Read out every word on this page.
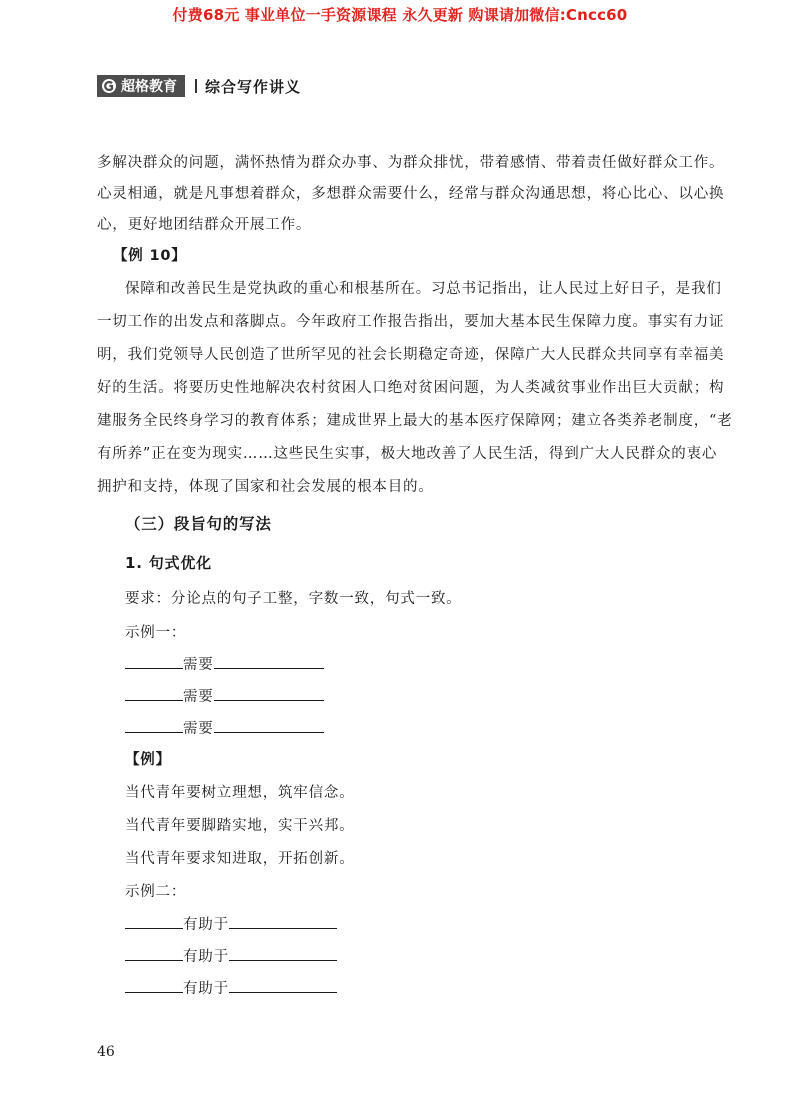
付费68元 事业单位一手资源课程 永久更新 购课请加微信:Cncc60
超格教育 综合写作讲义
多解决群众的问题，满怀热情为群众办事、为群众排忧，带着感情、带着责任做好群众工作。
心灵相通，就是凡事想着群众，多想群众需要什么，经常与群众沟通思想，将心比心、以心换
心，更好地团结群众开展工作。
【例 10】
保障和改善民生是党执政的重心和根基所在。习总书记指出，让人民过上好日子，是我们
一切工作的出发点和落脚点。今年政府工作报告指出，要加大基本民生保障力度。事实有力证
明，我们党领导人民创造了世所罕见的社会长期稳定奇迹，保障广大人民群众共同享有幸福美
好的生活。将要历史性地解决农村贫困人口绝对贫困问题，为人类减贫事业作出巨大贡献；构
建服务全民终身学习的教育体系；建成世界上最大的基本医疗保障网；建立各类养老制度，“老
有所养”正在变为现实……这些民生实事，极大地改善了人民生活，得到广大人民群众的衷心
拥护和支持，体现了国家和社会发展的根本目的。
（三）段旨句的写法
1. 句式优化
要求：分论点的句子工整，字数一致，句式一致。
示例一：
需要
需要
需要
【例】
当代青年要树立理想，筑牢信念。
当代青年要脚踏实地，实干兴邦。
当代青年要求知进取，开拓创新。
示例二：
有助于
有助于
有助于
46
